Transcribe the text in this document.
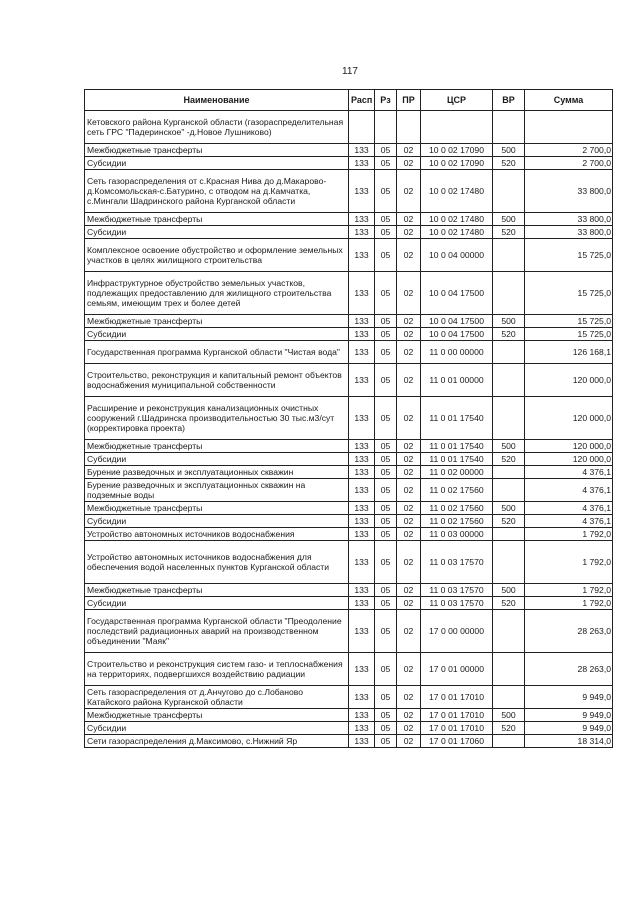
117
Наименование	Расп	Рз	ПР	ЦСР	ВР	Сумма
Кетовского района Курганской области (газораспределительная сеть ГРС "Падеринское" -д.Новое Лушниково)						
Межбюджетные трансферты	133	05	02	10 0 02 17090	500	2 700,0
Субсидии	133	05	02	10 0 02 17090	520	2 700,0
Сеть газораспределения от с.Красная Нива до д.Макарово-д.Комсомольская-с.Батурино, с отводом на д.Камчатка, с.Мингали Шадринского района Курганской области	133	05	02	10 0 02 17480		33 800,0
Межбюджетные трансферты	133	05	02	10 0 02 17480	500	33 800,0
Субсидии	133	05	02	10 0 02 17480	520	33 800,0
Комплексное освоение обустройство и оформление земельных участков в целях жилищного строительства	133	05	02	10 0 04 00000		15 725,0
Инфраструктурное обустройство земельных участков, подлежащих предоставлению для жилищного строительства семьям, имеющим трех и более детей	133	05	02	10 0 04 17500		15 725,0
Межбюджетные трансферты	133	05	02	10 0 04 17500	500	15 725,0
Субсидии	133	05	02	10 0 04 17500	520	15 725,0
Государственная программа Курганской области "Чистая вода"	133	05	02	11 0 00 00000		126 168,1
Строительство, реконструкция и капитальный ремонт объектов водоснабжения муниципальной собственности	133	05	02	11 0 01 00000		120 000,0
Расширение и реконструкция канализационных очистных сооружений г.Шадринска производительностью 30 тыс.м3/сут (корректировка проекта)	133	05	02	11 0 01 17540		120 000,0
Межбюджетные трансферты	133	05	02	11 0 01 17540	500	120 000,0
Субсидии	133	05	02	11 0 01 17540	520	120 000,0
Бурение разведочных и эксплуатационных скважин	133	05	02	11 0 02 00000		4 376,1
Бурение разведочных и эксплуатационных скважин на подземные воды	133	05	02	11 0 02 17560		4 376,1
Межбюджетные трансферты	133	05	02	11 0 02 17560	500	4 376,1
Субсидии	133	05	02	11 0 02 17560	520	4 376,1
Устройство автономных источников водоснабжения	133	05	02	11 0 03 00000		1 792,0
Устройство автономных источников водоснабжения для обеспечения водой населенных пунктов Курганской области	133	05	02	11 0 03 17570		1 792,0
Межбюджетные трансферты	133	05	02	11 0 03 17570	500	1 792,0
Субсидии	133	05	02	11 0 03 17570	520	1 792,0
Государственная программа Курганской области "Преодоление последствий радиационных аварий на производственном объединении "Маяк"	133	05	02	17 0 00 00000		28 263,0
Строительство и реконструкция систем газо- и теплоснабжения на территориях, подвергшихся воздействию радиации	133	05	02	17 0 01 00000		28 263,0
Сеть газораспределения от д.Анчугово до с.Лобаново Катайского района Курганской области	133	05	02	17 0 01 17010		9 949,0
Межбюджетные трансферты	133	05	02	17 0 01 17010	500	9 949,0
Субсидии	133	05	02	17 0 01 17010	520	9 949,0
Сети газораспределения д.Максимово, с.Нижний Яр	133	05	02	17 0 01 17060		18 314,0
